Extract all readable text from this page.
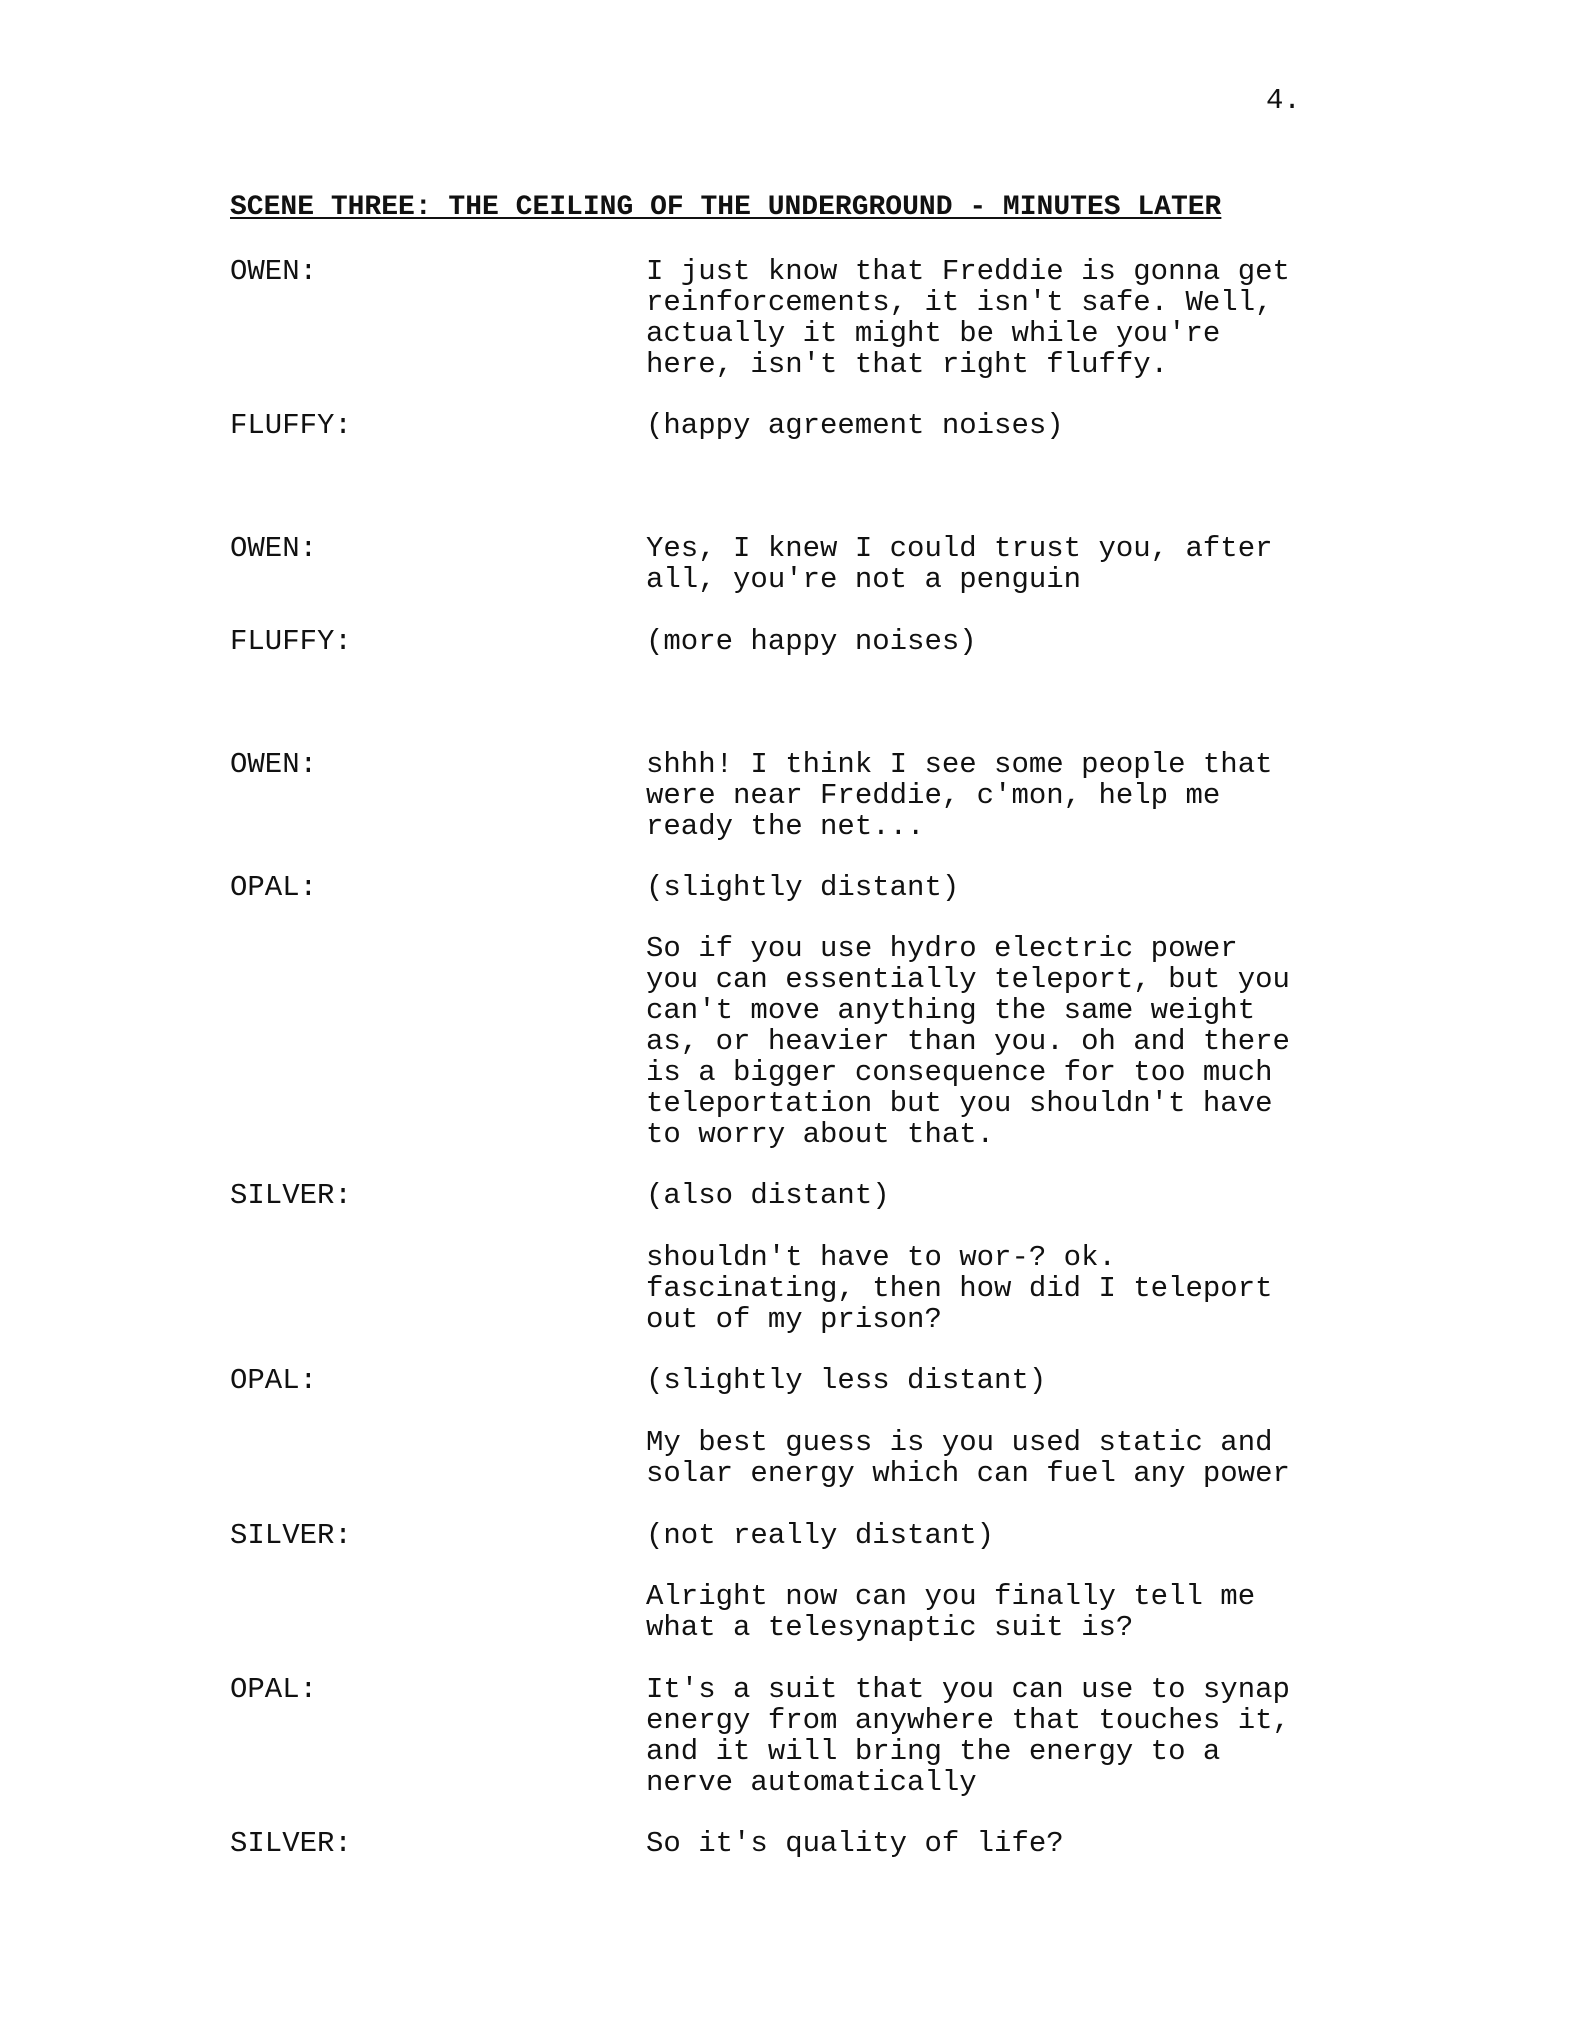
4.
SCENE THREE: THE CEILING OF THE UNDERGROUND - MINUTES LATER
OWEN:	I just know that Freddie is gonna get
reinforcements, it isn't safe. Well,
actually it might be while you're
here, isn't that right fluffy.
FLUFFY:	(happy agreement noises)
OWEN:	Yes, I knew I could trust you, after
all, you're not a penguin
FLUFFY:	(more happy noises)
OWEN:	shhh! I think I see some people that
were near Freddie, c'mon, help me
ready the net...
OPAL:	(slightly distant)
So if you use hydro electric power
you can essentially teleport, but you
can't move anything the same weight
as, or heavier than you. oh and there
is a bigger consequence for too much
teleportation but you shouldn't have
to worry about that.
SILVER:	(also distant)
shouldn't have to wor-? ok.
fascinating, then how did I teleport
out of my prison?
OPAL:	(slightly less distant)
My best guess is you used static and
solar energy which can fuel any power
SILVER:	(not really distant)
Alright now can you finally tell me
what a telesynaptic suit is?
OPAL:	It's a suit that you can use to synap
energy from anywhere that touches it,
and it will bring the energy to a
nerve automatically
SILVER:	So it's quality of life?
